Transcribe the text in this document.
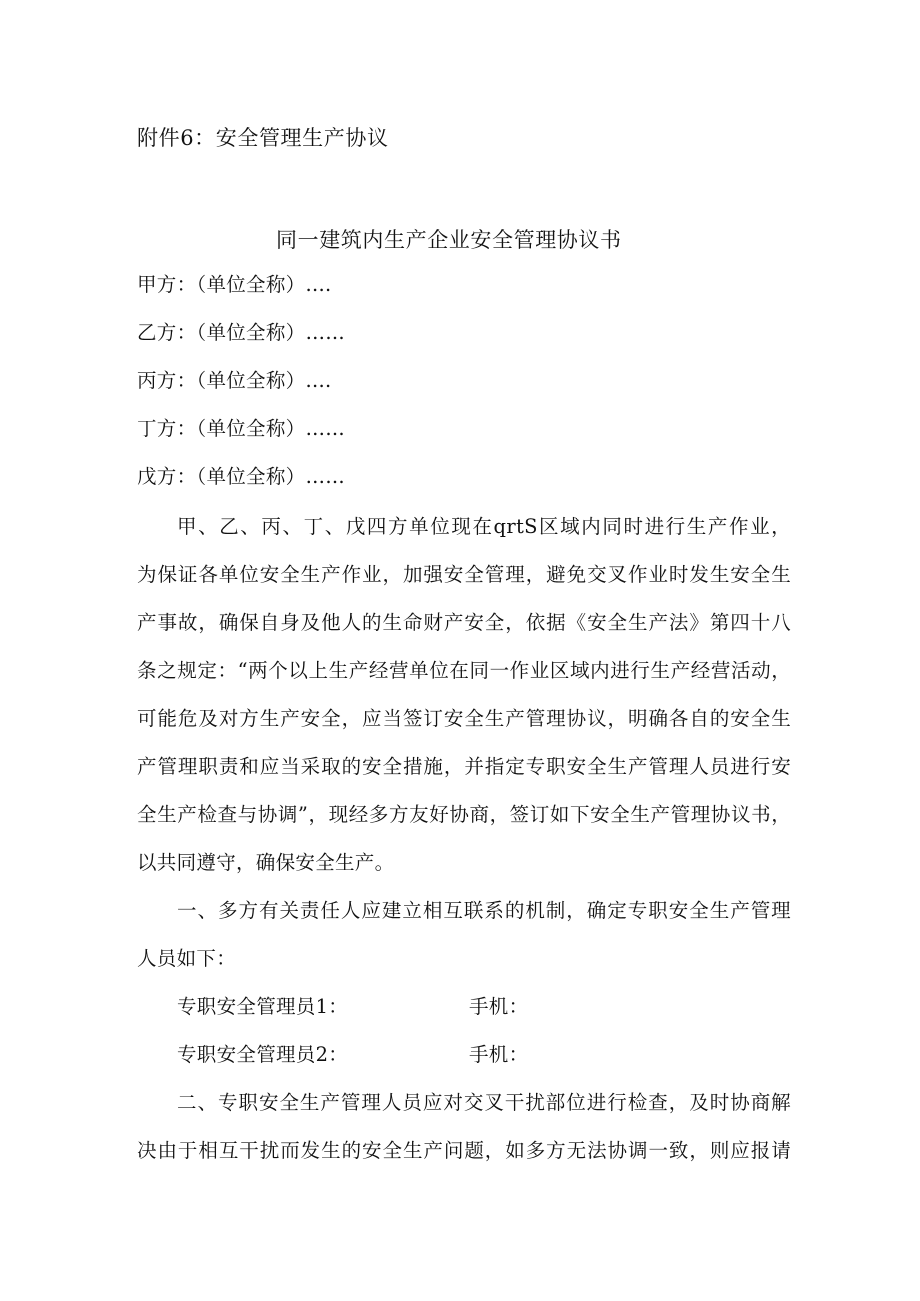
附件6：安全管理生产协议
同一建筑内生产企业安全管理协议书
甲方：（单位全称）....
乙方：（单位全称）……
丙方：（单位全称）....
丁方：（单位全称）……
戊方：（单位全称）……
甲、乙、丙、丁、戊四方单位现在qrtS区域内同时进行生产作业，
为保证各单位安全生产作业，加强安全管理，避免交叉作业时发生安全生
产事故，确保自身及他人的生命财产安全，依据《安全生产法》第四十八
条之规定：“两个以上生产经营单位在同一作业区域内进行生产经营活动，
可能危及对方生产安全，应当签订安全生产管理协议，明确各自的安全生
产管理职责和应当采取的安全措施，并指定专职安全生产管理人员进行安
全生产检查与协调”，现经多方友好协商，签订如下安全生产管理协议书，
以共同遵守，确保安全生产。
一、多方有关责任人应建立相互联系的机制，确定专职安全生产管理
人员如下：
专职安全管理员1：	手机：
专职安全管理员2：	手机：
二、专职安全生产管理人员应对交叉干扰部位进行检查，及时协商解
决由于相互干扰而发生的安全生产问题，如多方无法协调一致，则应报请
